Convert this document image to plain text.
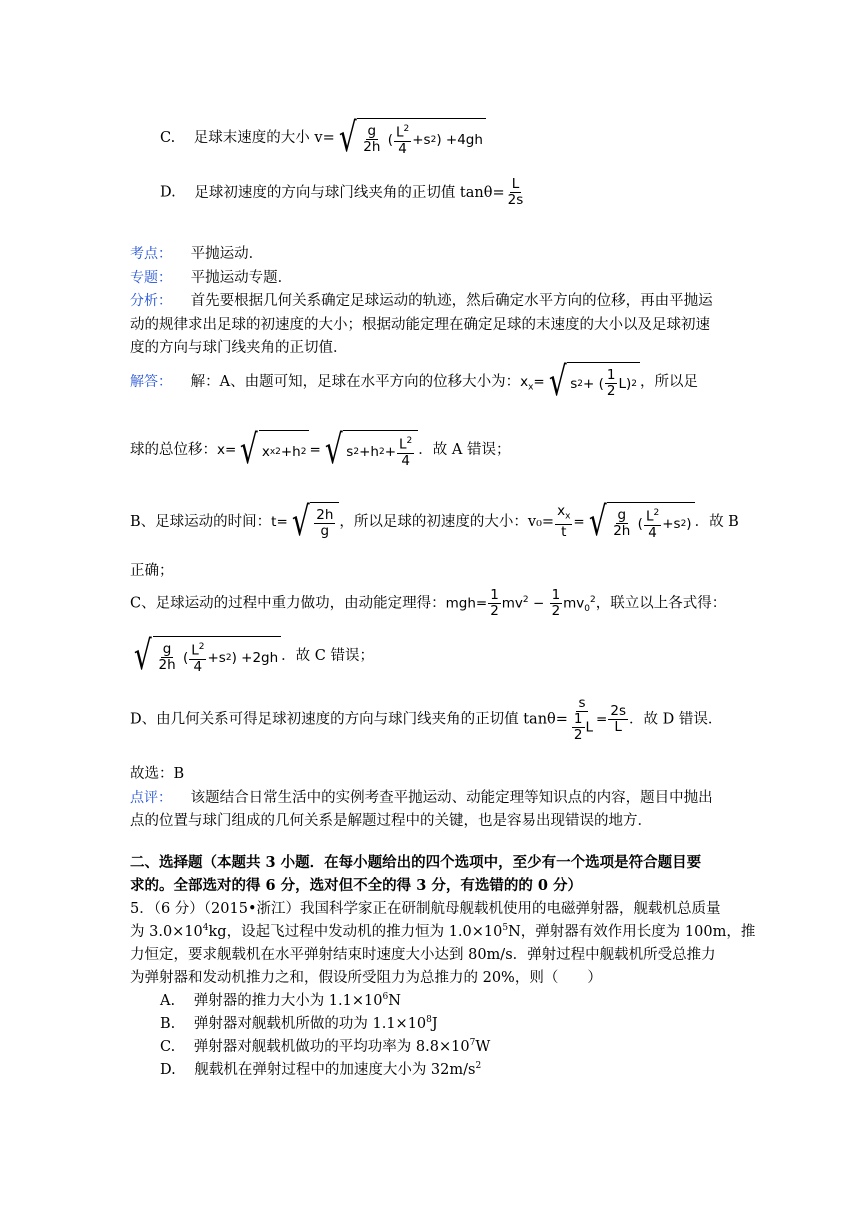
C. 足球末速度的大小 v= √ $\frac{g}{2h}$ ( $\frac{L^2}{4} +s$ 2 ) +4gh
D. 足球初速度的方向与球门线夹角的正切值 $\tan\theta= \frac{L}{2s}$
考点： 平抛运动．
专题： 平抛运动专题．
分析： 首先要根据几何关系确定足球运动的轨迹，然后确定水平方向的位移，再由平抛运
动的规律求出足球的初速度的大小；根据动能定理在确定足球的末速度的大小以及足球初速
度的方向与球门线夹角的正切值．
解答： 解：A、由题可知，足球在水平方向的位移大小为：$x_x=$ √ s 2 + ( $\frac{1}{2} L$) 2 ，所以足
球的总位移：x= √ x x 2 +h 2 = √ s 2 +h $2 + \frac{L^2}{4}$ ．故 A 错误；
B、足球运动的时间：t= √ $\frac{2h}{g}$ ，所以足球的初速度的大小：$v_0= \frac{x_x}{t}$ = √ $\frac{g}{2h}$ ( $\frac{L^2}{4} +s$ 2 ) ．故 B
正确；
C、足球运动的过程中重力做功，由动能定理得：$mgh= \frac{1}{2} mv^2 - \frac{1}{2} mv_0^2$，联立以上各式得：
√ $\frac{g}{2h}$ ( $\frac{L^2}{4} +s$ 2 ) +2gh ．故 C 错误；
D、由几何关系可得足球初速度的方向与球门线夹角的正切值 $\tan\theta= \frac{s}{\frac{1}{2} L} = \frac{2s}{L}$ ．故 D 错误．
故选：B
点评： 该题结合日常生活中的实例考查平抛运动、动能定理等知识点的内容，题目中抛出
点的位置与球门组成的几何关系是解题过程中的关键，也是容易出现错误的地方．
二、选择题（本题共 3 小题．在每小题给出的四个选项中，至少有一个选项是符合题目要
求的。全部选对的得 6 分，选对但不全的得 3 分，有选错的的 0 分）
5．（6 分）（2015•浙江）我国科学家正在研制航母舰载机使用的电磁弹射器，舰载机总质量
为 $3.0\times 10^4kg$，设起飞过程中发动机的推力恒为 $1.0\times 10^5N$，弹射器有效作用长度为 100m，推
力恒定，要求舰载机在水平弹射结束时速度大小达到 80m/s．弹射过程中舰载机所受总推力
为弹射器和发动机推力之和，假设所受阻力为总推力的 20%，则（　　）
A. 弹射器的推力大小为 $1.1\times 10^6N$
B. 弹射器对舰载机所做的功为 $1.1\times 10^8J$
C. 弹射器对舰载机做功的平均功率为 $8.8\times 10^7W$
D. 舰载机在弹射过程中的加速度大小为 $32m/s^2$
